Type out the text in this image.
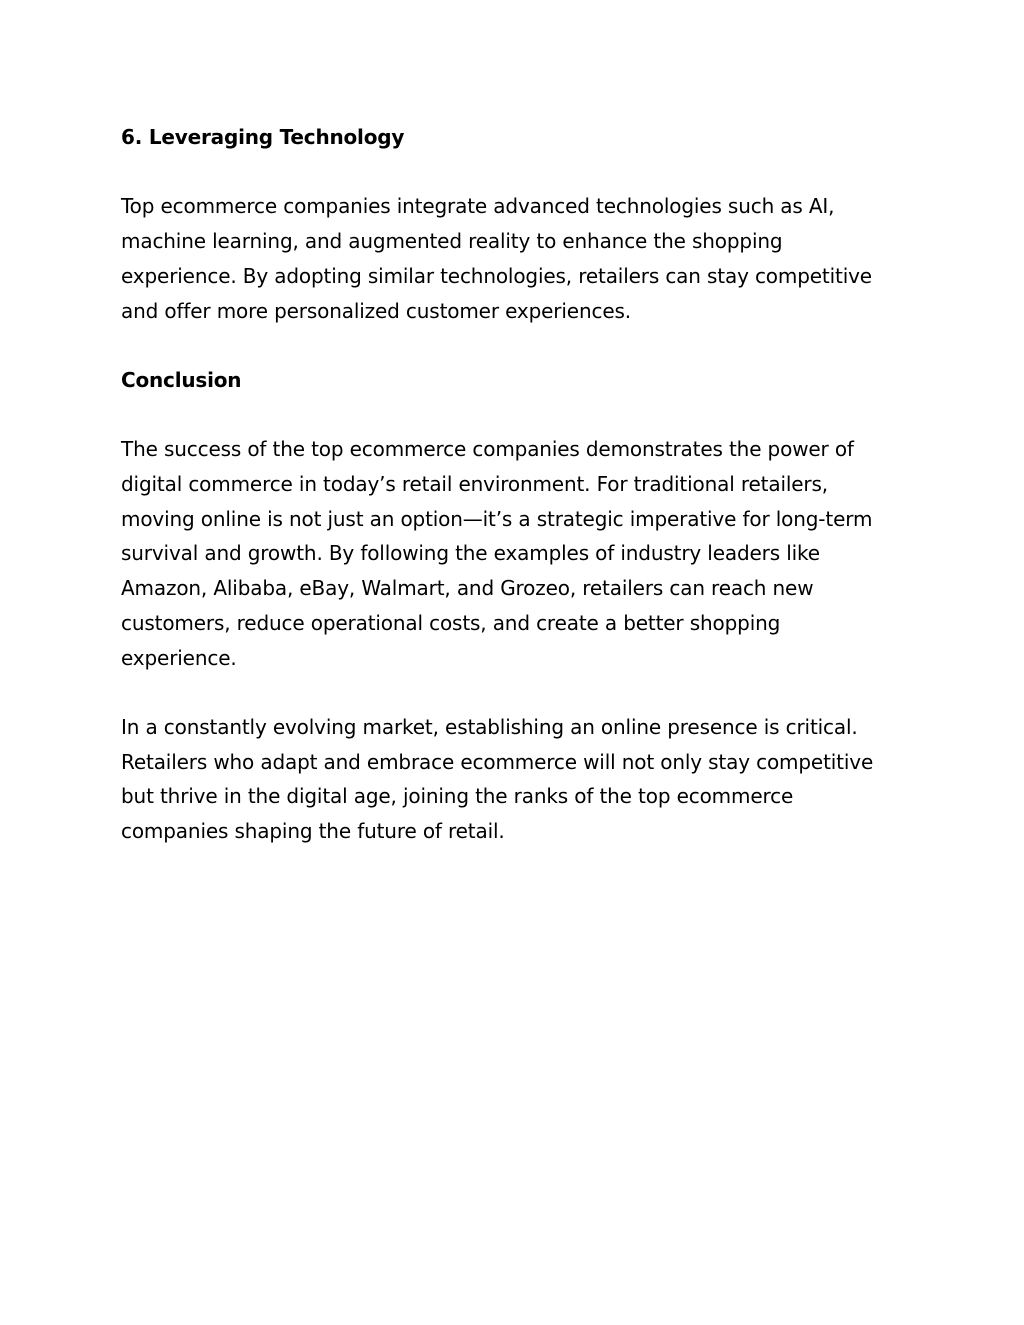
6. Leveraging Technology
Top ecommerce companies integrate advanced technologies such as AI, machine learning, and augmented reality to enhance the shopping experience. By adopting similar technologies, retailers can stay competitive and offer more personalized customer experiences.
Conclusion
The success of the top ecommerce companies demonstrates the power of digital commerce in today’s retail environment. For traditional retailers, moving online is not just an option—it’s a strategic imperative for long-term survival and growth. By following the examples of industry leaders like Amazon, Alibaba, eBay, Walmart, and Grozeo, retailers can reach new customers, reduce operational costs, and create a better shopping experience.
In a constantly evolving market, establishing an online presence is critical. Retailers who adapt and embrace ecommerce will not only stay competitive but thrive in the digital age, joining the ranks of the top ecommerce companies shaping the future of retail.
